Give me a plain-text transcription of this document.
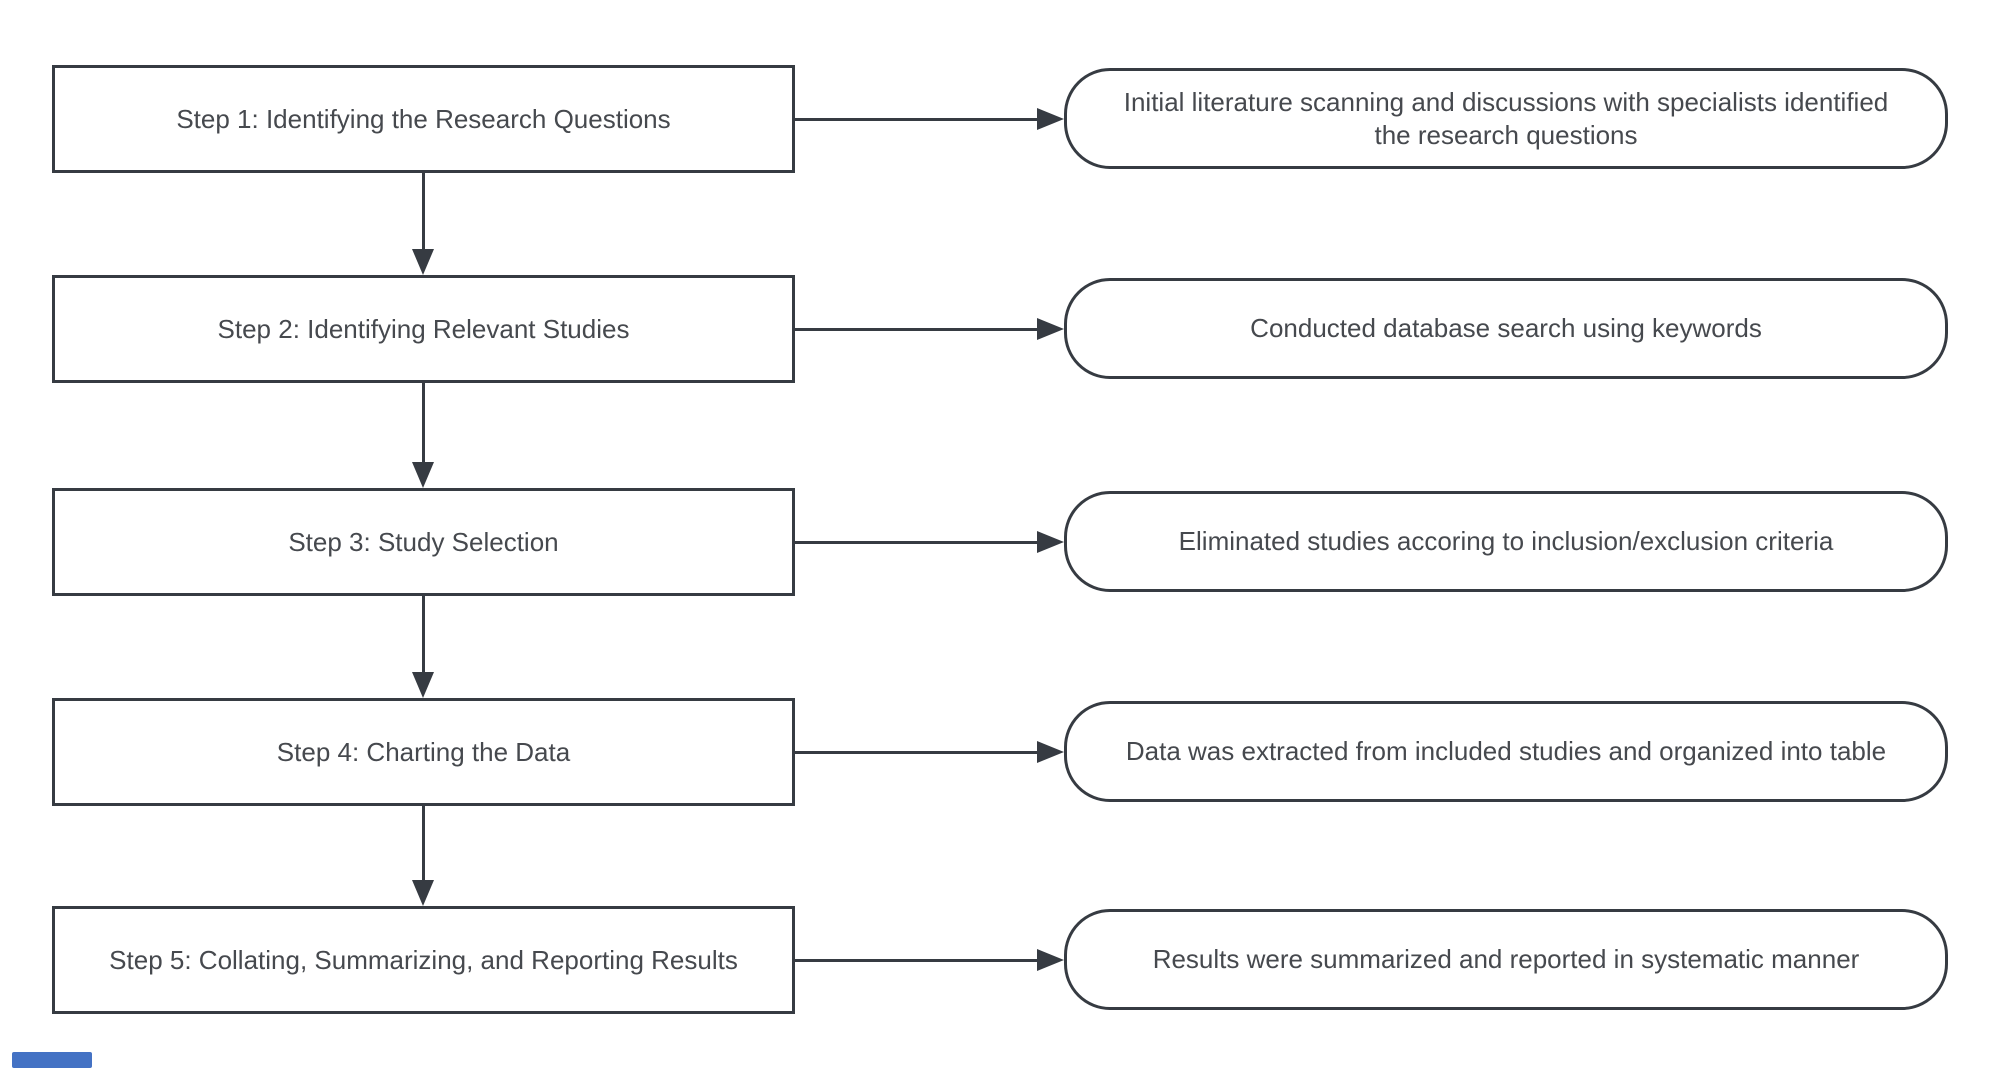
Step 1: Identifying the Research Questions
Initial literature scanning and discussions with specialists identified the research questions
Step 2: Identifying Relevant Studies	Conducted database search using keywords
Step 3: Study Selection	Eliminated studies accoring to inclusion/exclusion criteria
Step 4: Charting the Data	Data was extracted from included studies and organized into table
Step 5: Collating, Summarizing, and Reporting Results	Results were summarized and reported in systematic manner
